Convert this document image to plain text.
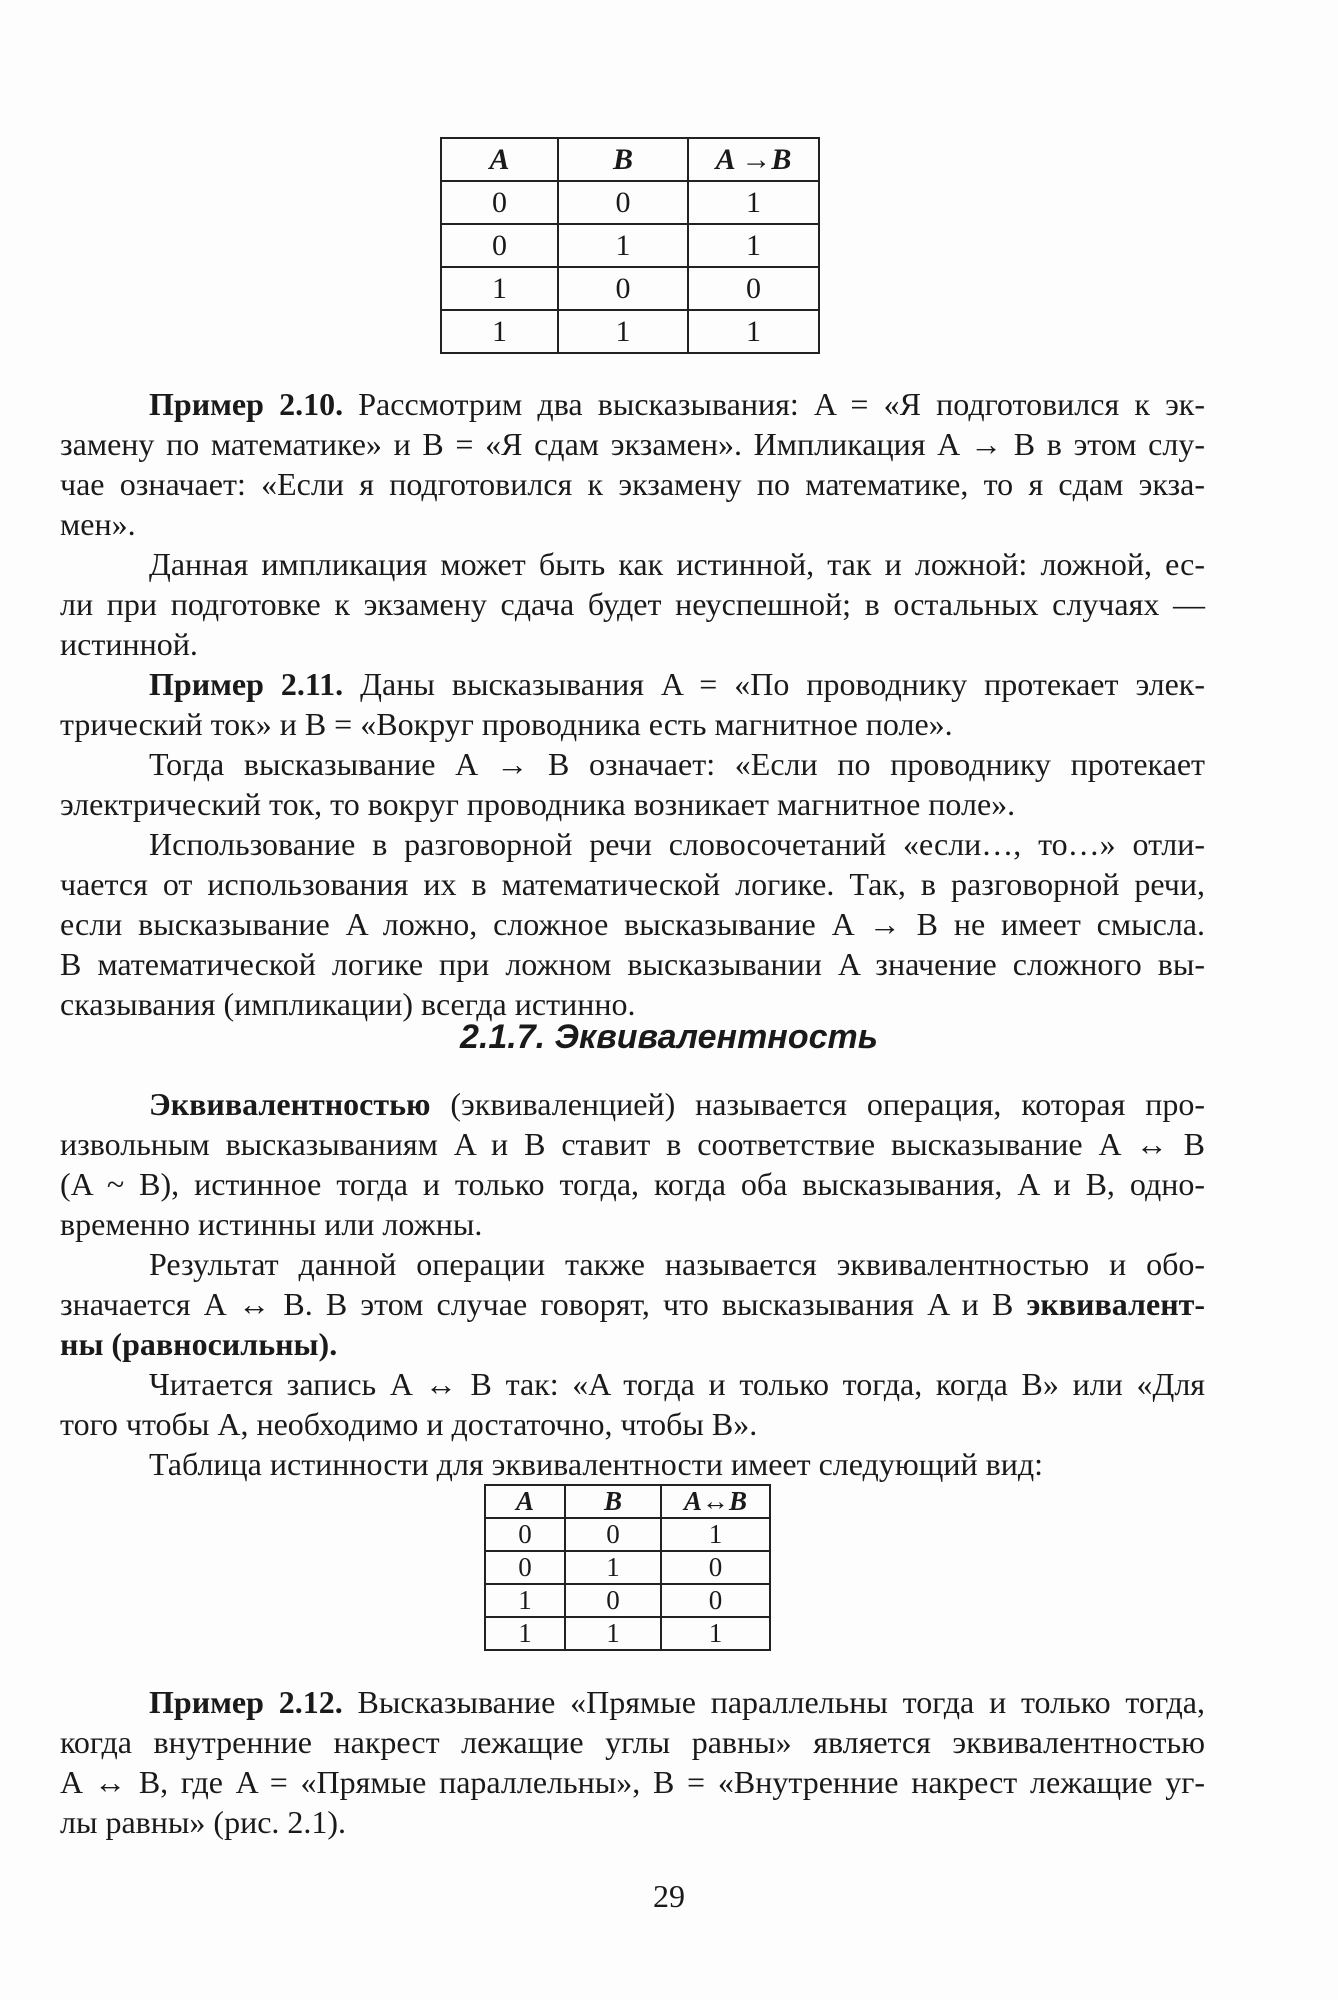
A	B	A →B
0	0	1
0	1	1
1	0	0
1	1	1

Пример 2.10. Рассмотрим два высказывания: A = «Я подготовился к эк-

замену по математике» и B = «Я сдам экзамен». Импликация A → B в этом слу-

чае означает: «Если я подготовился к экзамену по математике, то я сдам экза-

мен».

Данная импликация может быть как истинной, так и ложной: ложной, ес-

ли при подготовке к экзамену сдача будет неуспешной; в остальных случаях —

истинной.

Пример 2.11. Даны высказывания A = «По проводнику протекает элек-

трический ток» и B = «Вокруг проводника есть магнитное поле».

Тогда высказывание A → B означает: «Если по проводнику протекает

электрический ток, то вокруг проводника возникает магнитное поле».

Использование в разговорной речи словосочетаний «если…, то…» отли-

чается от использования их в математической логике. Так, в разговорной речи,

если высказывание A ложно, сложное высказывание A → B не имеет смысла.

В математической логике при ложном высказывании A значение сложного вы-

сказывания (импликации) всегда истинно.

2.1.7. Эквивалентность

Эквивалентностью (эквиваленцией) называется операция, которая про-

извольным высказываниям A и B ставит в соответствие высказывание A ↔ B

(A ~ B), истинное тогда и только тогда, когда оба высказывания, A и B, одно-

временно истинны или ложны.

Результат данной операции также называется эквивалентностью и обо-

значается A ↔ B. В этом случае говорят, что высказывания A и B эквивалент-

ны (равносильны).

Читается запись A ↔ B так: «A тогда и только тогда, когда B» или «Для

того чтобы A, необходимо и достаточно, чтобы B».

Таблица истинности для эквивалентности имеет следующий вид:

A	B	A↔B
0	0	1
0	1	0
1	0	0
1	1	1

Пример 2.12. Высказывание «Прямые параллельны тогда и только тогда,

когда внутренние накрест лежащие углы равны» является эквивалентностью

A ↔ B, где A = «Прямые параллельны», B = «Внутренние накрест лежащие уг-

лы равны» (рис. 2.1).

29
